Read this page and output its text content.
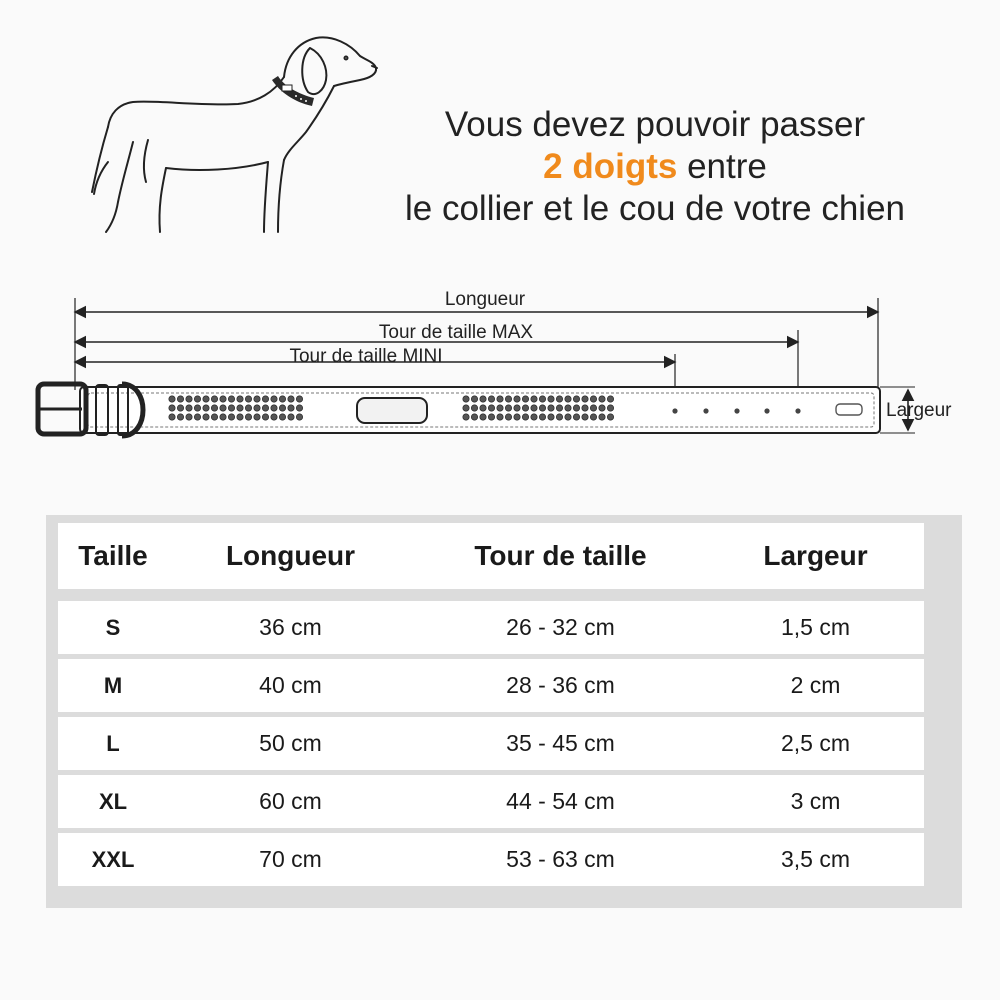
Vous devez pouvoir passer
2 doigts entre
le collier et le cou de votre chien
Longueur
Tour de taille MAX
Tour de taille MINI
Largeur
Taille	Longueur	Tour de taille	Largeur
S	36 cm	26 - 32 cm	1,5 cm
M	40 cm	28 - 36 cm	2 cm
L	50 cm	35 - 45 cm	2,5 cm
XL	60 cm	44 - 54 cm	3 cm
XXL	70 cm	53 - 63 cm	3,5 cm
